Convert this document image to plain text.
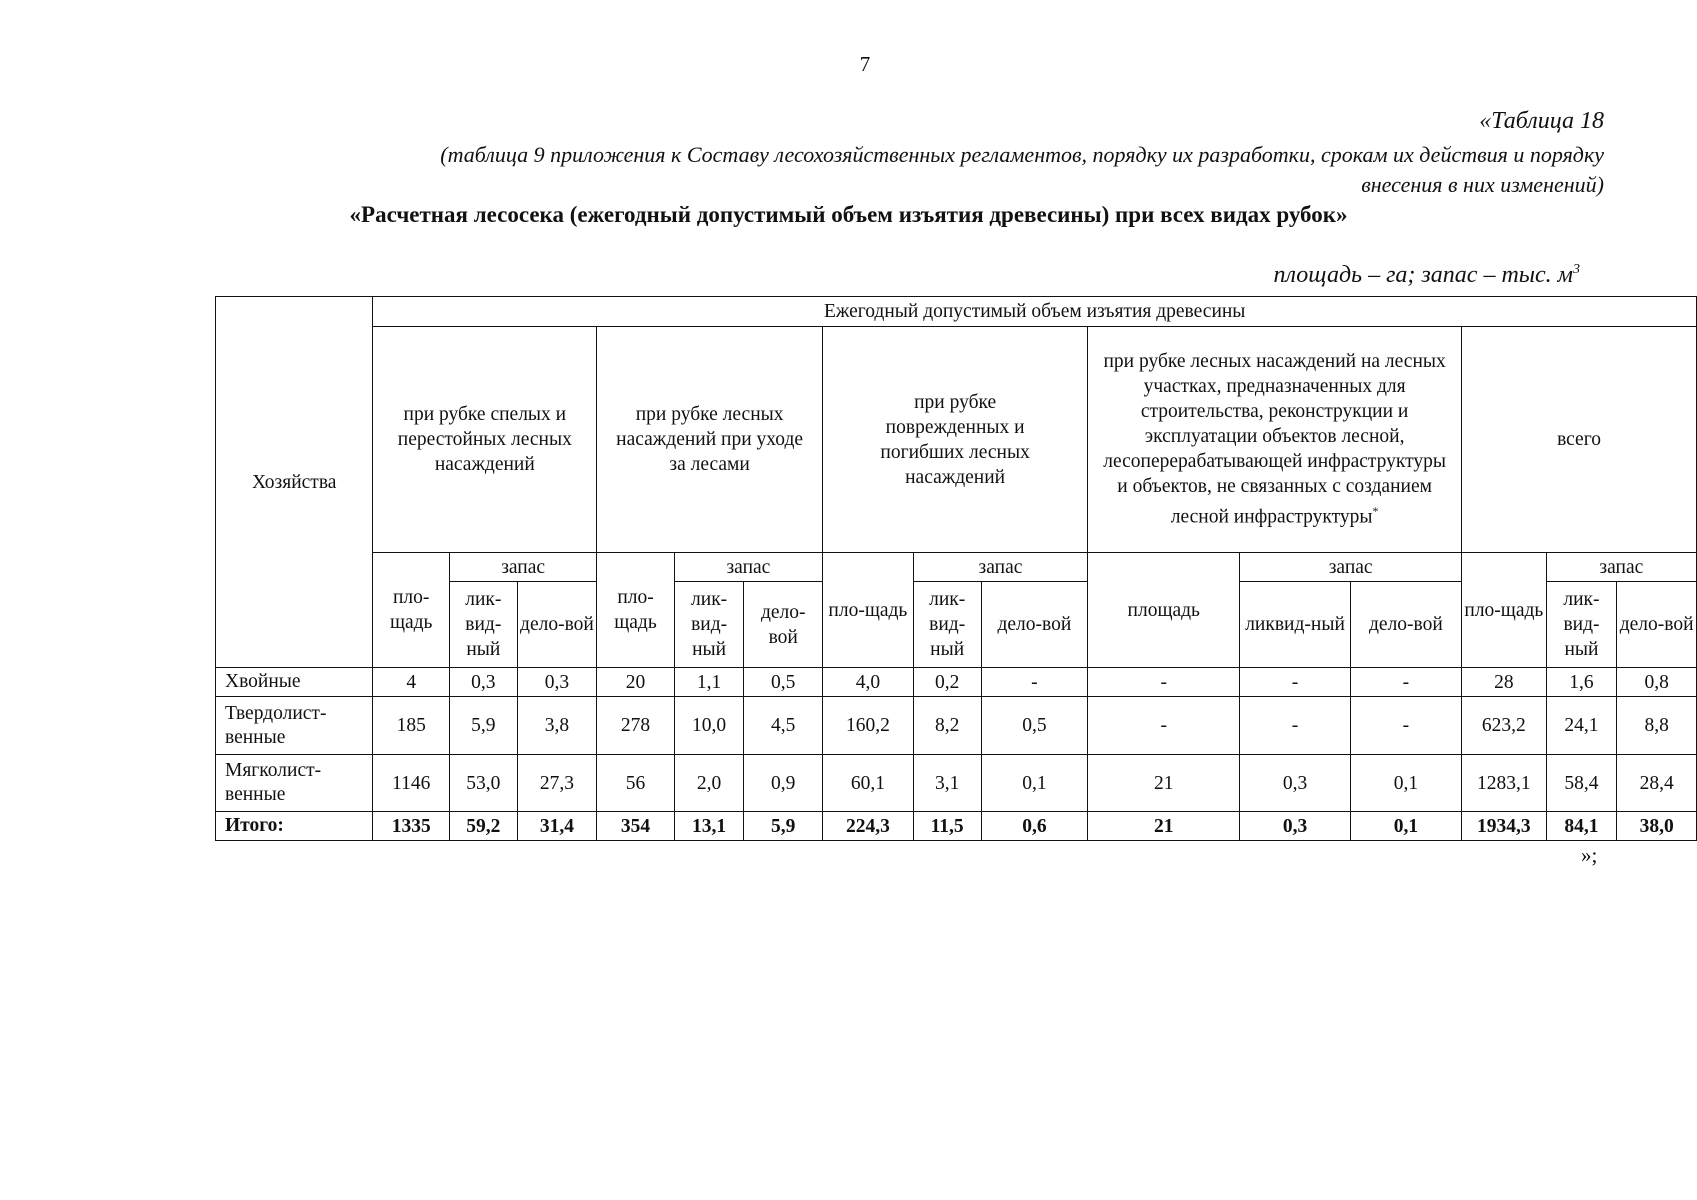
7
«Таблица 18
(таблица 9 приложения к Составу лесохозяйственных регламентов, порядку их разработки, срокам их действия и порядку
внесения в них изменений)
«Расчетная лесосека (ежегодный допустимый объем изъятия древесины) при всех видах рубок»
площадь – га; запас – тыс. $м^3$
Хозяйства	Ежегодный допустимый объем изъятия древесины														

	при рубке спелых и перестойных лесных насаждений			при рубке лесных насаждений при уходе за лесами			при рубке поврежденных и погибших лесных насаждений			при рубке лесных насаждений на лесных участках, предназначенных для строительства, реконструкции и эксплуатации объектов лесной, лесоперерабатывающей инфраструктуры и объектов, не связанных с созданием лесной инфраструктуры*			всего		
	пло-щадь	запас		пло-щадь	запас		пло-щадь	запас		площадь	запас		пло-щадь	запас	
		лик-вид-ный	дело-вой		лик-вид-ный	дело-вой		лик-вид-ный	дело-вой		ликвид-ный	дело-вой		лик-вид-ный	дело-вой
Хвойные	4	0,3	0,3	20	1,1	0,5	4,0	0,2	-	-	-	-	28	1,6	0,8
Твердолист-венные	185	5,9	3,8	278	10,0	4,5	160,2	8,2	0,5	-	-	-	623,2	24,1	8,8
Мягколист-венные	1146	53,0	27,3	56	2,0	0,9	60,1	3,1	0,1	21	0,3	0,1	1283,1	58,4	28,4
Итого:	1335	59,2	31,4	354	13,1	5,9	224,3	11,5	0,6	21	0,3	0,1	1934,3	84,1	38,0
»;
